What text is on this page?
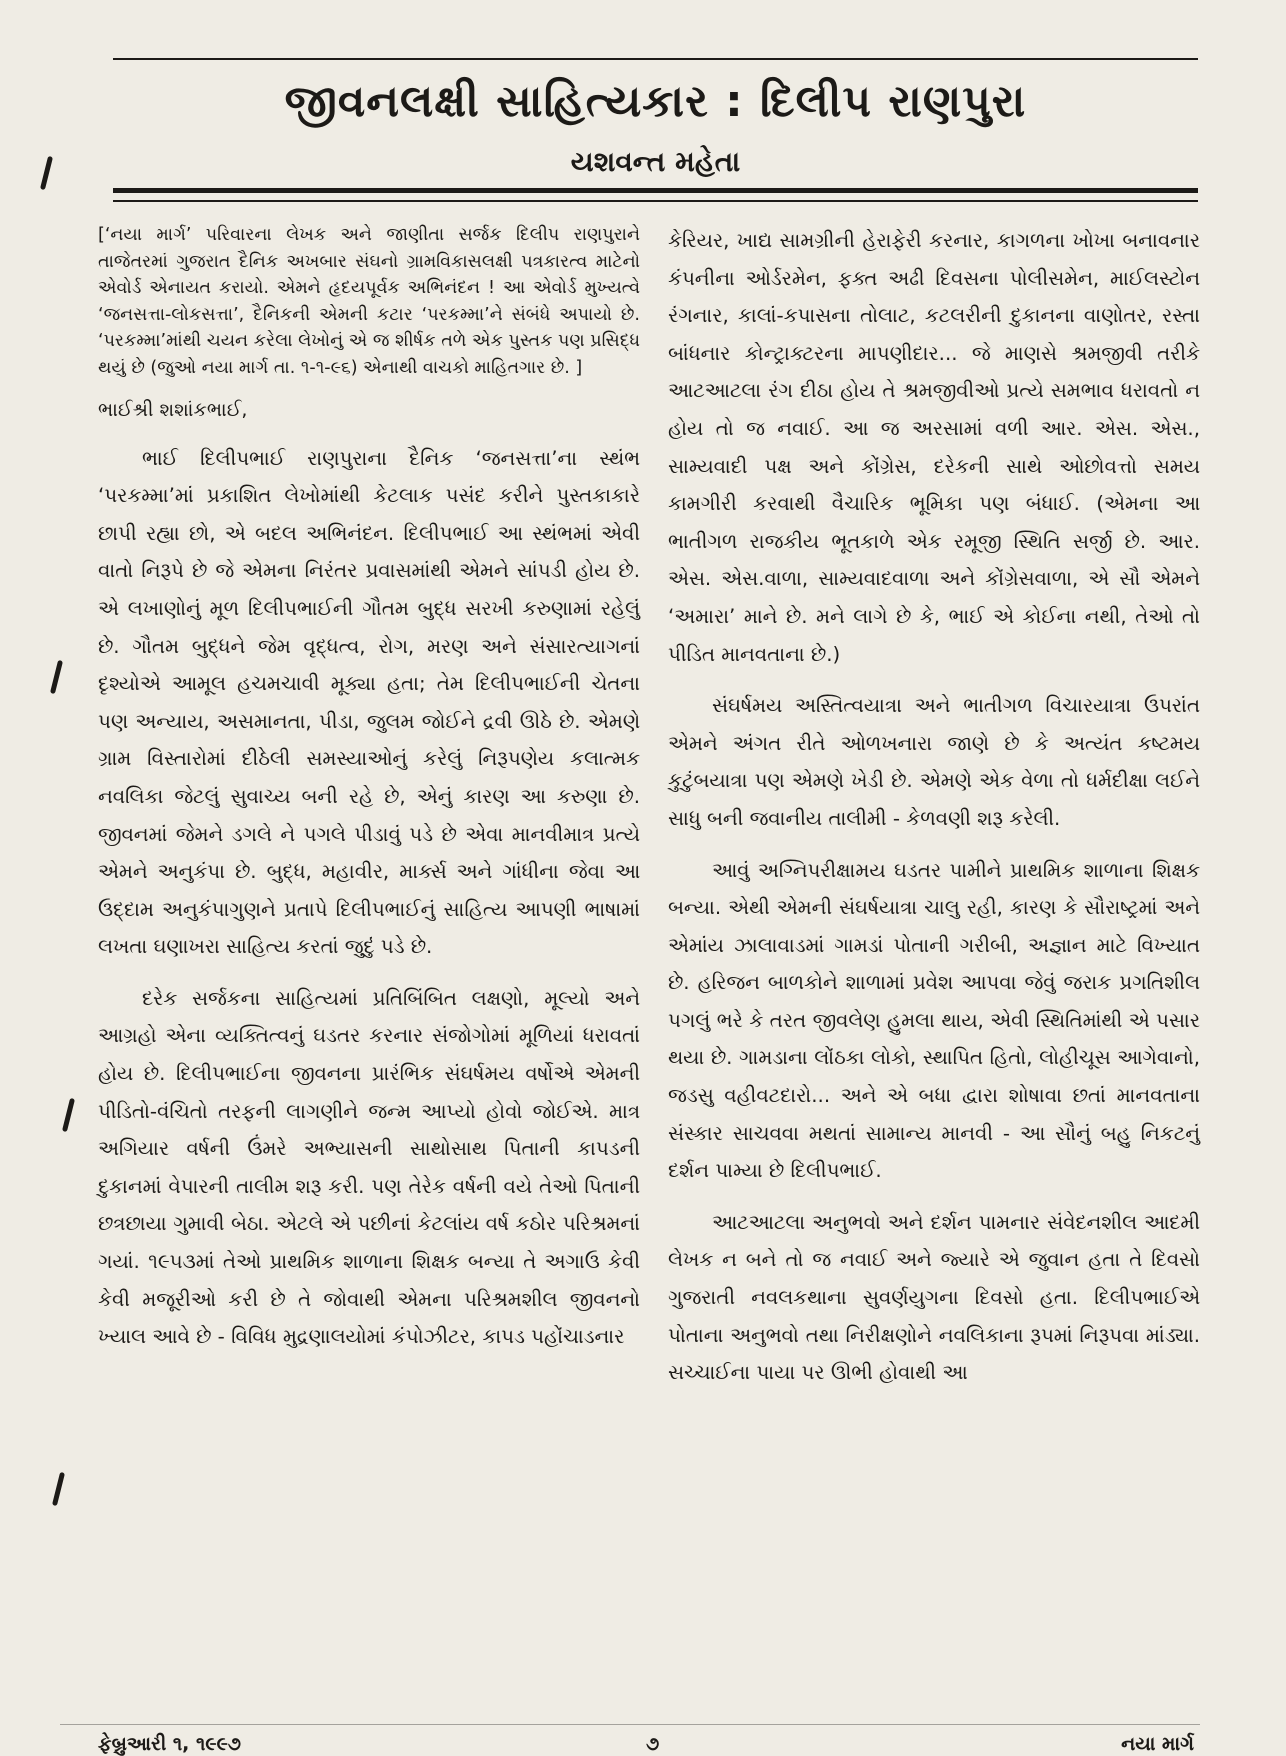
જીવનલક્ષી સાહિત્યકાર : દિલીપ રાણપુરા
યશવન્ત મહેતા

[‘નયા માર્ગ’ પરિવારના લેખક અને જાણીતા સર્જક દિલીપ રાણપુરાને તાજેતરમાં ગુજરાત દૈનિક અખબાર સંઘનો ગ્રામવિકાસલક્ષી પત્રકારત્વ માટેનો એવોર્ડ એનાયત કરાયો. એમને હૃદયપૂર્વક અભિનંદન ! આ એવોર્ડ મુખ્યત્વે ‘જનસત્તા-લોકસત્તા’, દૈનિકની એમની કટાર ‘પરકમ્મા’ને સંબંધે અપાયો છે. ‘પરકમ્મા’માંથી ચયન કરેલા લેખોનું એ જ શીર્ષક તળે એક પુસ્તક પણ પ્રસિદ્ધ થયું છે (જુઓ નયા માર્ગ તા. ૧-૧-૯૬) એનાથી વાચકો માહિતગાર છે. ]

ભાઈશ્રી શશાંકભાઈ,

ભાઈ દિલીપભાઈ રાણપુરાના દૈનિક ‘જનસત્તા’ના સ્થંભ ‘પરકમ્મા’માં પ્રકાશિત લેખોમાંથી કેટલાક પસંદ કરીને પુસ્તકાકારે છાપી રહ્યા છો, એ બદલ અભિનંદન. દિલીપભાઈ આ સ્થંભમાં એવી વાતો નિરૂપે છે જે એમના નિરંતર પ્રવાસમાંથી એમને સાંપડી હોય છે. એ લખાણોનું મૂળ દિલીપભાઈની ગૌતમ બુદ્ધ સરખી કરુણામાં રહેલું છે. ગૌતમ બુદ્ધને જેમ વૃદ્ધત્વ, રોગ, મરણ અને સંસારત્યાગનાં દૃશ્યોએ આમૂલ હચમચાવી મૂક્યા હતા; તેમ દિલીપભાઈની ચેતના પણ અન્યાય, અસમાનતા, પીડા, જુલમ જોઈને દ્રવી ઊઠે છે. એમણે ગ્રામ વિસ્તારોમાં દીઠેલી સમસ્યાઓનું કરેલું નિરૂપણેય કલાત્મક નવલિકા જેટલું સુવાચ્ય બની રહે છે, એનું કારણ આ કરુણા છે. જીવનમાં જેમને ડગલે ને પગલે પીડાવું પડે છે એવા માનવીમાત્ર પ્રત્યે એમને અનુકંપા છે. બુદ્ધ, મહાવીર, માર્ક્સ અને ગાંધીના જેવા આ ઉદ્દામ અનુકંપાગુણને પ્રતાપે દિલીપભાઈનું સાહિત્ય આપણી ભાષામાં લખતા ઘણાખરા સાહિત્ય કરતાં જુદું પડે છે.

દરેક સર્જકના સાહિત્યમાં પ્રતિબિંબિત લક્ષણો, મૂલ્યો અને આગ્રહો એના વ્યક્તિત્વનું ઘડતર કરનાર સંજોગોમાં મૂળિયાં ધરાવતાં હોય છે. દિલીપભાઈના જીવનના પ્રારંભિક સંઘર્ષમય વર્ષોએ એમની પીડિતો-વંચિતો તરફની લાગણીને જન્મ આપ્યો હોવો જોઈએ. માત્ર અગિયાર વર્ષની ઉંમરે અભ્યાસની સાથોસાથ પિતાની કાપડની દુકાનમાં વેપારની તાલીમ શરૂ કરી. પણ તેરેક વર્ષની વયે તેઓ પિતાની છત્રછાયા ગુમાવી બેઠા. એટલે એ પછીનાં કેટલાંય વર્ષ કઠોર પરિશ્રમનાં ગયાં. ૧૯૫૩માં તેઓ પ્રાથમિક શાળાના શિક્ષક બન્યા તે અગાઉ કેવી કેવી મજૂરીઓ કરી છે તે જોવાથી એમના પરિશ્રમશીલ જીવનનો ખ્યાલ આવે છે - વિવિધ મુદ્રણાલયોમાં કંપોઝીટર, કાપડ પહોંચાડનાર

કેરિયર, ખાદ્ય સામગ્રીની હેરાફેરી કરનાર, કાગળના ખોખા બનાવનાર કંપનીના ઓર્ડરમેન, ફક્ત અઢી દિવસના પોલીસમેન, માઈલસ્ટોન રંગનાર, કાલાં-કપાસના તોલાટ, કટલરીની દુકાનના વાણોતર, રસ્તા બાંધનાર કોન્ટ્રાક્ટરના માપણીદાર... જે માણસે શ્રમજીવી તરીકે આટઆટલા રંગ દીઠા હોય તે શ્રમજીવીઓ પ્રત્યે સમભાવ ધરાવતો ન હોય તો જ નવાઈ. આ જ અરસામાં વળી આર. એસ. એસ., સામ્યવાદી પક્ષ અને કોંગ્રેસ, દરેકની સાથે ઓછોવત્તો સમય કામગીરી કરવાથી વૈચારિક ભૂમિકા પણ બંધાઈ. (એમના આ ભાતીગળ રાજકીય ભૂતકાળે એક રમૂજી સ્થિતિ સર્જી છે. આર. એસ. એસ.વાળા, સામ્યવાદવાળા અને કોંગ્રેસવાળા, એ સૌ એમને ‘અમારા’ માને છે. મને લાગે છે કે, ભાઈ એ કોઈના નથી, તેઓ તો પીડિત માનવતાના છે.)

સંઘર્ષમય અસ્તિત્વયાત્રા અને ભાતીગળ વિચારયાત્રા ઉપરાંત એમને અંગત રીતે ઓળખનારા જાણે છે કે અત્યંત કષ્ટમય કુટુંબયાત્રા પણ એમણે ખેડી છે. એમણે એક વેળા તો ધર્મદીક્ષા લઈને સાધુ બની જવાનીય તાલીમી - કેળવણી શરૂ કરેલી.

આવું અગ્નિપરીક્ષામય ઘડતર પામીને પ્રાથમિક શાળાના શિક્ષક બન્યા. એથી એમની સંઘર્ષયાત્રા ચાલુ રહી, કારણ કે સૌરાષ્ટ્રમાં અને એમાંય ઝાલાવાડમાં ગામડાં પોતાની ગરીબી, અજ્ઞાન માટે વિખ્યાત છે. હરિજન બાળકોને શાળામાં પ્રવેશ આપવા જેવું જરાક પ્રગતિશીલ પગલું ભરે કે તરત જીવલેણ હુમલા થાય, એવી સ્થિતિમાંથી એ પસાર થયા છે. ગામડાના લોંઠકા લોકો, સ્થાપિત હિતો, લોહીચૂસ આગેવાનો, જડસુ વહીવટદારો... અને એ બધા દ્વારા શોષાવા છતાં માનવતાના સંસ્કાર સાચવવા મથતાં સામાન્ય માનવી - આ સૌનું બહુ નિકટનું દર્શન પામ્યા છે દિલીપભાઈ.

આટઆટલા અનુભવો અને દર્શન પામનાર સંવેદનશીલ આદમી લેખક ન બને તો જ નવાઈ અને જ્યારે એ જુવાન હતા તે દિવસો ગુજરાતી નવલકથાના સુવર્ણયુગના દિવસો હતા. દિલીપભાઈએ પોતાના અનુભવો તથા નિરીક્ષણોને નવલિકાના રૂપમાં નિરૂપવા માંડ્યા. સચ્ચાઈના પાયા પર ઊભી હોવાથી આ

ફેબ્રુઆરી ૧, ૧૯૯૭	૭	નયા માર્ગ
